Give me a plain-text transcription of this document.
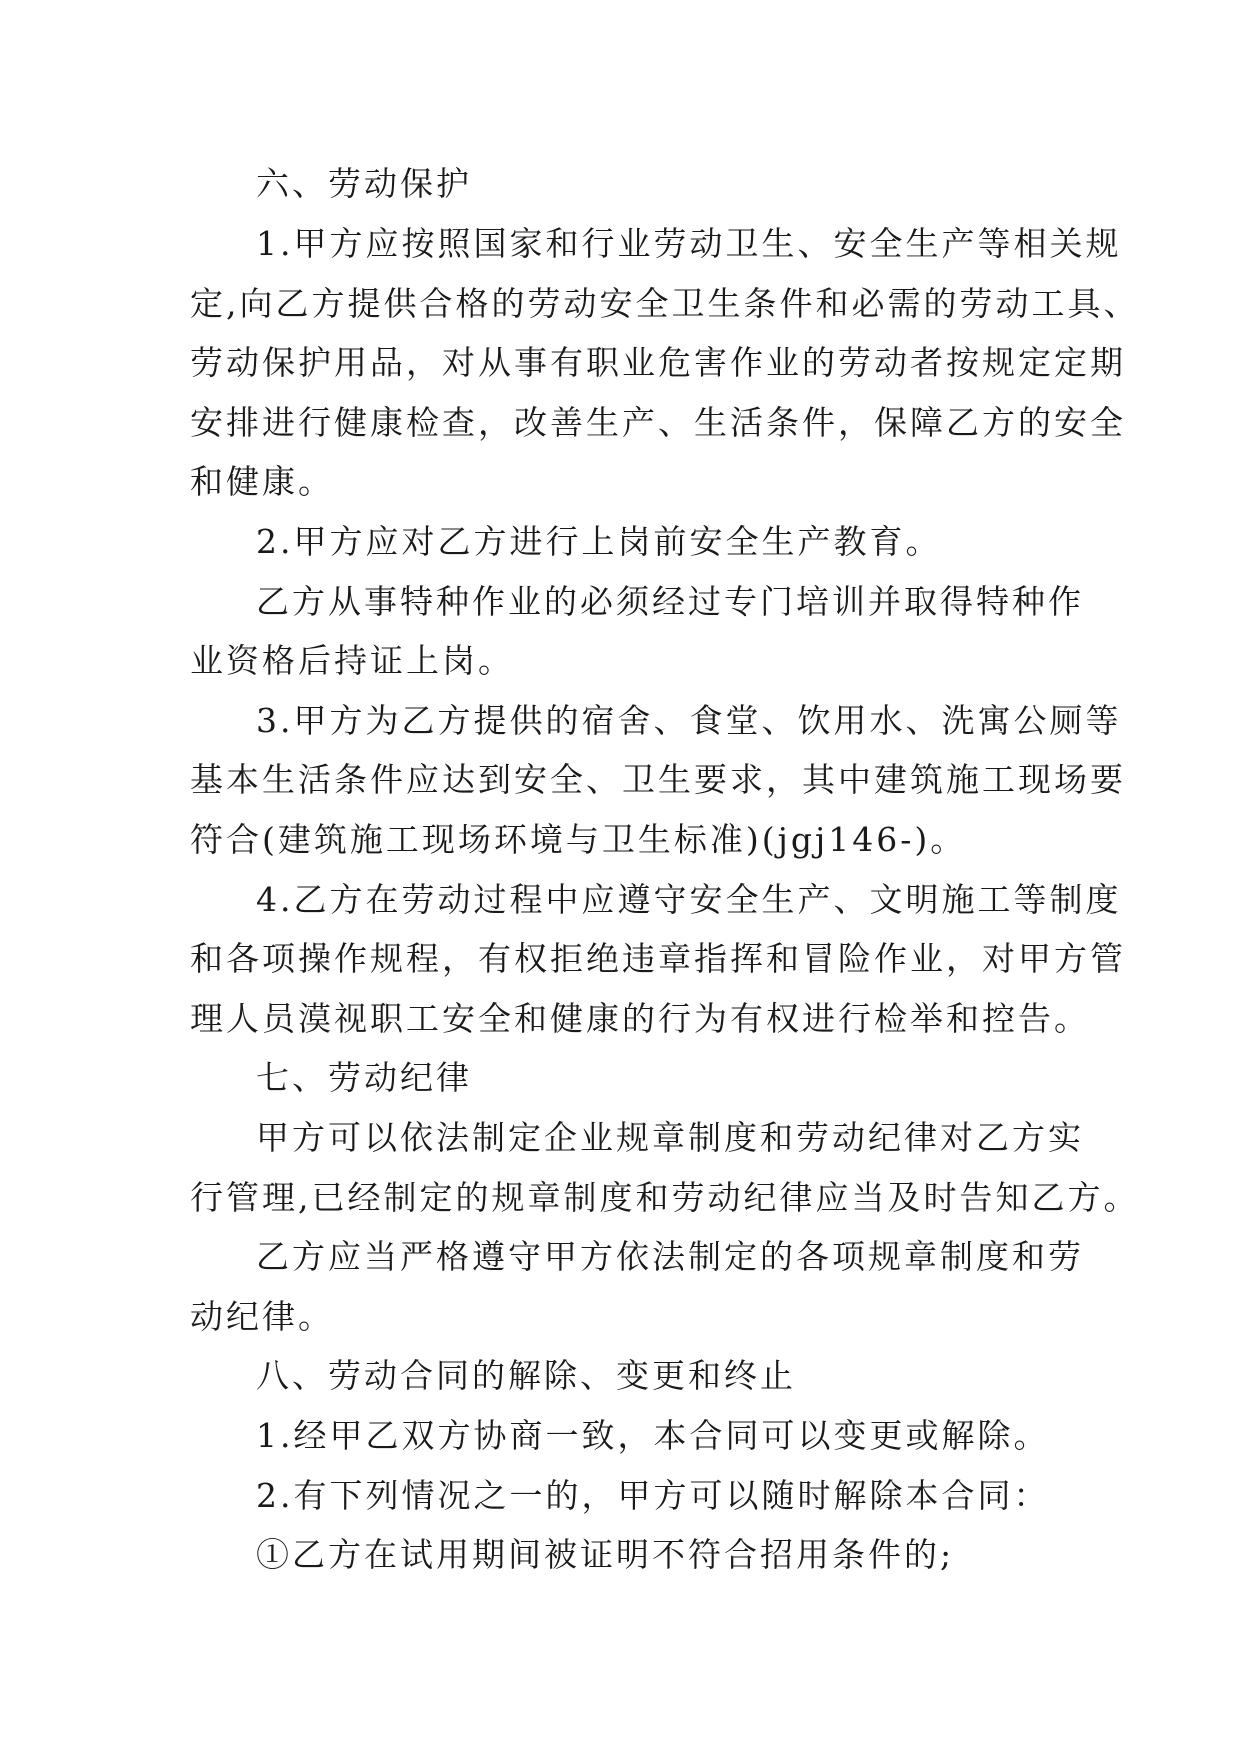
六、劳动保护
1.甲方应按照国家和行业劳动卫生、安全生产等相关规
定,向乙方提供合格的劳动安全卫生条件和必需的劳动工具、
劳动保护用品，对从事有职业危害作业的劳动者按规定定期
安排进行健康检查，改善生产、生活条件，保障乙方的安全
和健康。
2.甲方应对乙方进行上岗前安全生产教育。
乙方从事特种作业的必须经过专门培训并取得特种作
业资格后持证上岗。
3.甲方为乙方提供的宿舍、食堂、饮用水、洗寓公厕等
基本生活条件应达到安全、卫生要求，其中建筑施工现场要
符合(建筑施工现场环境与卫生标准)(jgj146-)。
4.乙方在劳动过程中应遵守安全生产、文明施工等制度
和各项操作规程，有权拒绝违章指挥和冒险作业，对甲方管
理人员漠视职工安全和健康的行为有权进行检举和控告。
七、劳动纪律
甲方可以依法制定企业规章制度和劳动纪律对乙方实
行管理,已经制定的规章制度和劳动纪律应当及时告知乙方。
乙方应当严格遵守甲方依法制定的各项规章制度和劳
动纪律。
八、劳动合同的解除、变更和终止
1.经甲乙双方协商一致，本合同可以变更或解除。
2.有下列情况之一的，甲方可以随时解除本合同：
①乙方在试用期间被证明不符合招用条件的;
